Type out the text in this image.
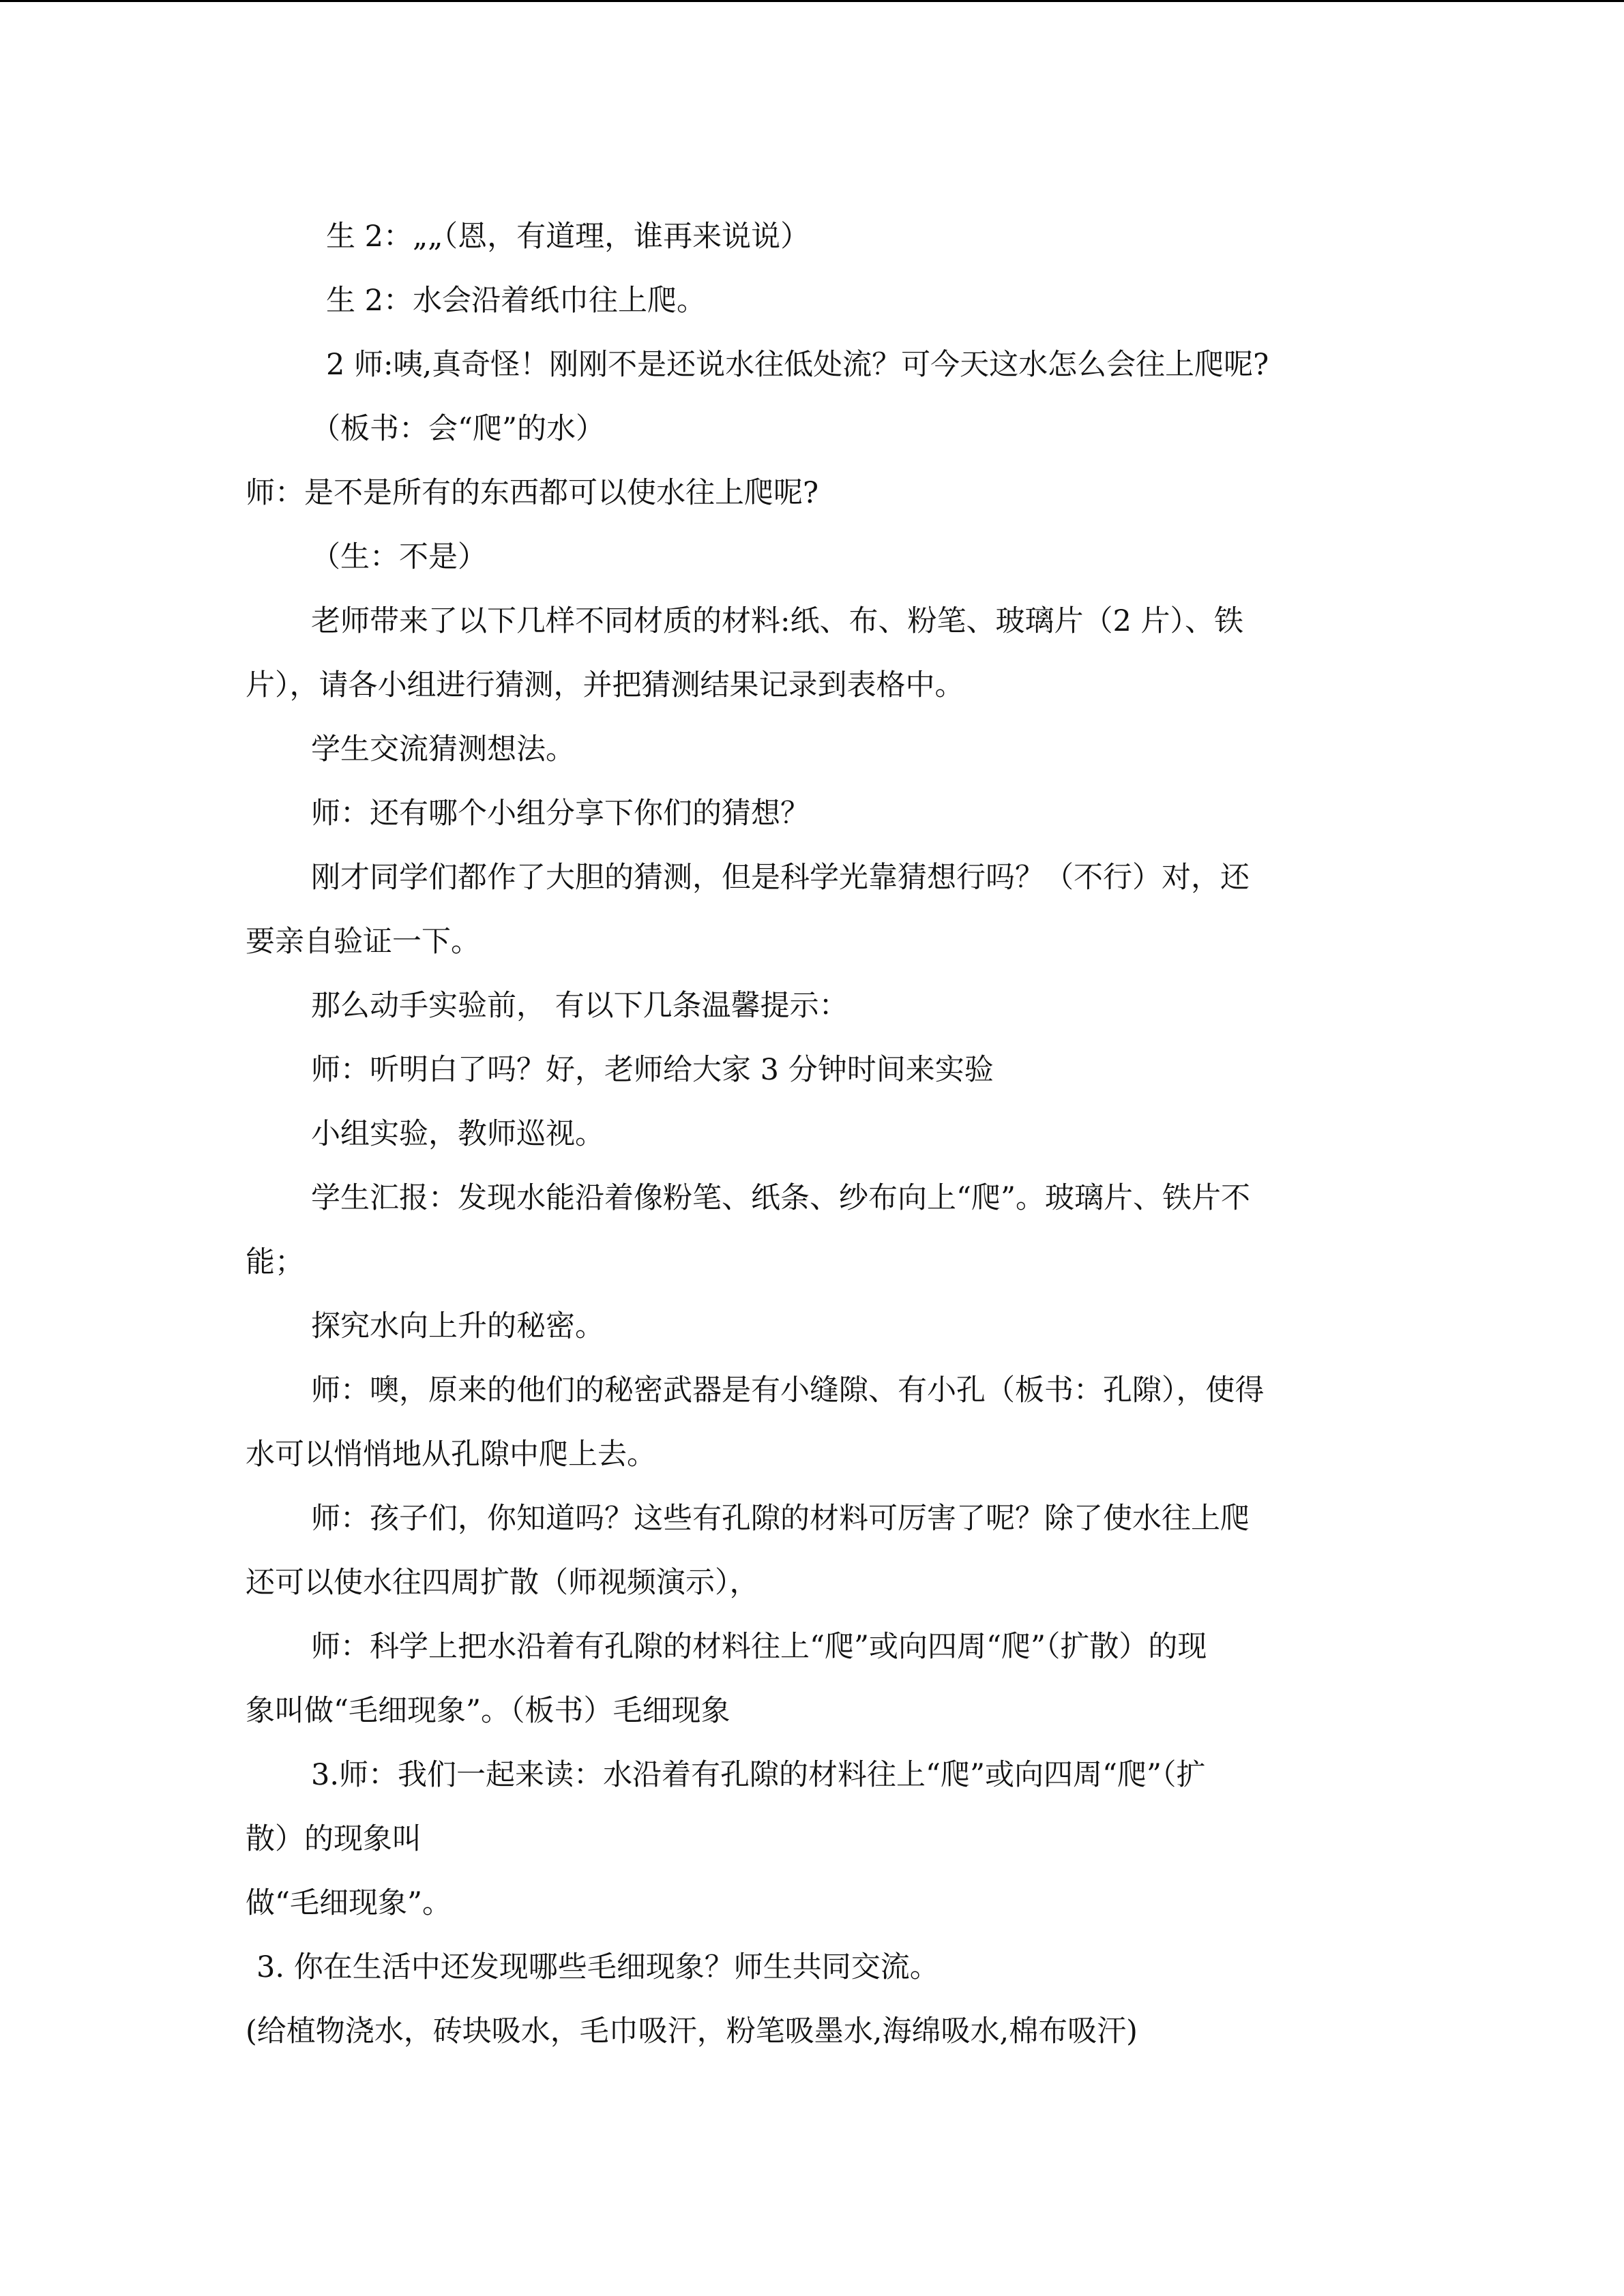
生 2：„„（恩，有道理，谁再来说说）
生 2：水会沿着纸巾往上爬。
2 师:咦,真奇怪！刚刚不是还说水往低处流？可今天这水怎么会往上爬呢?
（板书：会“爬”的水）
师：是不是所有的东西都可以使水往上爬呢?
（生：不是）
老师带来了以下几样不同材质的材料:纸、布、粉笔、玻璃片（2 片）、铁
片），请各小组进行猜测，并把猜测结果记录到表格中。
学生交流猜测想法。
师：还有哪个小组分享下你们的猜想？
刚才同学们都作了大胆的猜测，但是科学光靠猜想行吗？（不行）对，还
要亲自验证一下。
那么动手实验前， 有以下几条温馨提示：
师：听明白了吗？好，老师给大家 3 分钟时间来实验
小组实验，教师巡视。
学生汇报：发现水能沿着像粉笔、纸条、纱布向上“爬”。玻璃片、铁片不
能；
探究水向上升的秘密。
师：噢，原来的他们的秘密武器是有小缝隙、有小孔（板书：孔隙），使得
水可以悄悄地从孔隙中爬上去。
师：孩子们，你知道吗？这些有孔隙的材料可厉害了呢？除了使水往上爬
还可以使水往四周扩散（师视频演示），
师：科学上把水沿着有孔隙的材料往上“爬”或向四周“爬”（扩散）的现
象叫做“毛细现象”。（板书）毛细现象
3.师：我们一起来读：水沿着有孔隙的材料往上“爬”或向四周“爬”（扩
散）的现象叫
做“毛细现象”。
3. 你在生活中还发现哪些毛细现象？师生共同交流。
(给植物浇水，砖块吸水，毛巾吸汗，粉笔吸墨水,海绵吸水,棉布吸汗)
